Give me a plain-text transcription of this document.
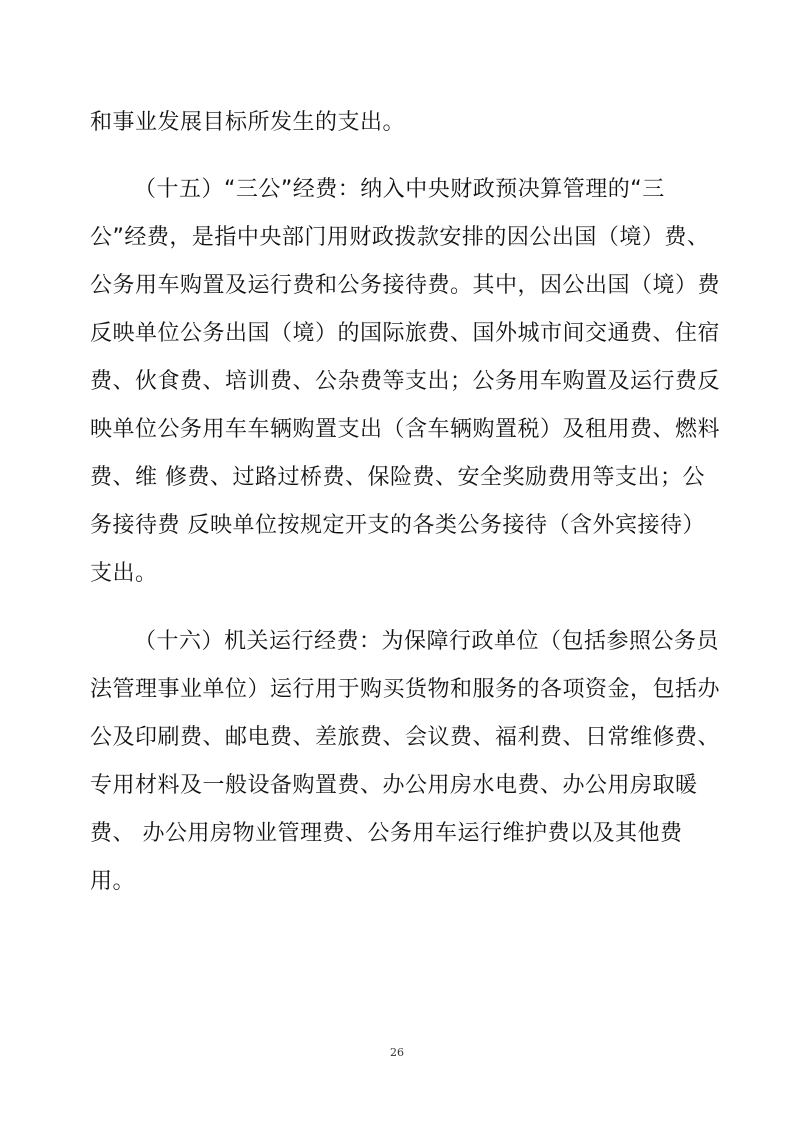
和事业发展目标所发生的支出。
（十五）“三公”经费：纳入中央财政预决算管理的“三
公”经费，是指中央部门用财政拨款安排的因公出国（境）费、
公务用车购置及运行费和公务接待费。其中，因公出国（境）费
反映单位公务出国（境）的国际旅费、国外城市间交通费、住宿
费、伙食费、培训费、公杂费等支出；公务用车购置及运行费反
映单位公务用车车辆购置支出（含车辆购置税）及租用费、燃料
费、维 修费、过路过桥费、保险费、安全奖励费用等支出；公
务接待费 反映单位按规定开支的各类公务接待（含外宾接待）
支出。
（十六）机关运行经费：为保障行政单位（包括参照公务员
法管理事业单位）运行用于购买货物和服务的各项资金，包括办
公及印刷费、邮电费、差旅费、会议费、福利费、日常维修费、
专用材料及一般设备购置费、办公用房水电费、办公用房取暖
费、 办公用房物业管理费、公务用车运行维护费以及其他费
用。
26
